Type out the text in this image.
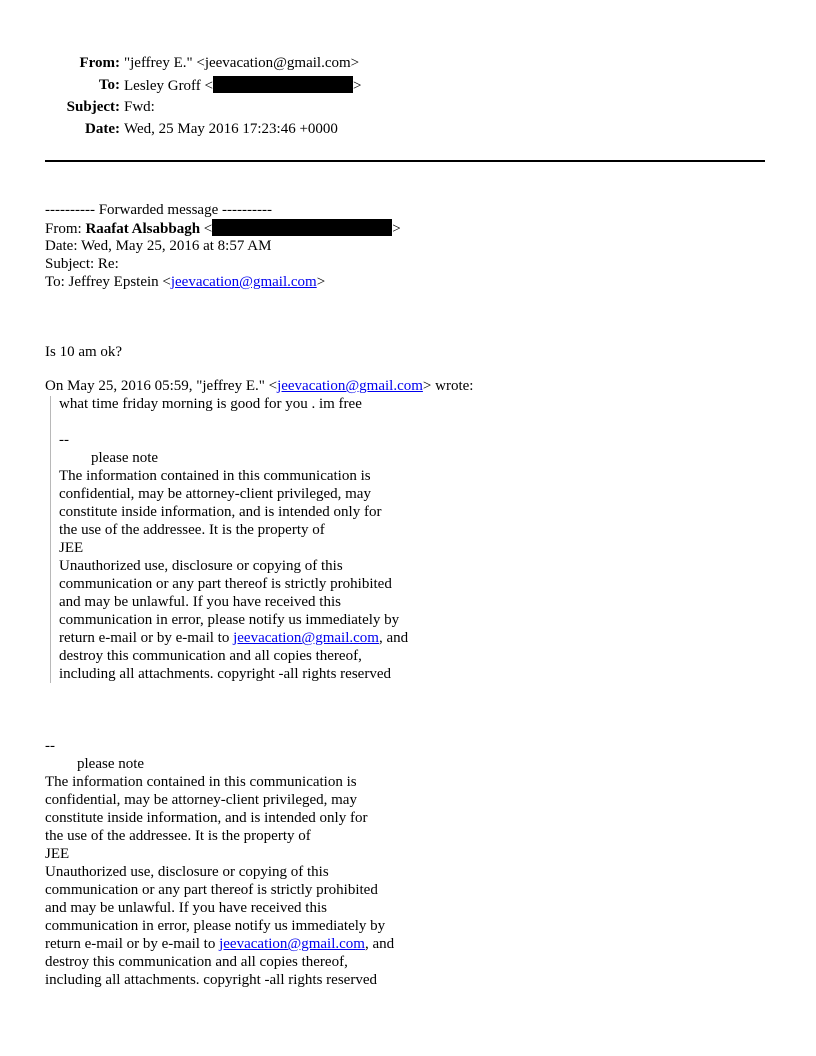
From: "jeffrey E." <jeevacation@gmail.com>
To: Lesley Groff <	>
Subject: Fwd:
Date: Wed, 25 May 2016 17:23:46 +0000
---------- Forwarded message ----------
From: Raafat Alsabbagh <	>
Date: Wed, May 25, 2016 at 8:57 AM
Subject: Re:
To: Jeffrey Epstein <jeevacation@gmail.com>
Is 10 am ok?
On May 25, 2016 05:59, "jeffrey E." <jeevacation@gmail.com> wrote:
what time friday morning is good for you . im free
--
please note
The information contained in this communication is
confidential, may be attorney-client privileged, may
constitute inside information, and is intended only for
the use of the addressee. It is the property of
JEE
Unauthorized use, disclosure or copying of this
communication or any part thereof is strictly prohibited
and may be unlawful. If you have received this
communication in error, please notify us immediately by
return e-mail or by e-mail to jeevacation@gmail.com, and
destroy this communication and all copies thereof,
including all attachments. copyright -all rights reserved
--
please note
The information contained in this communication is
confidential, may be attorney-client privileged, may
constitute inside information, and is intended only for
the use of the addressee. It is the property of
JEE
Unauthorized use, disclosure or copying of this
communication or any part thereof is strictly prohibited
and may be unlawful. If you have received this
communication in error, please notify us immediately by
return e-mail or by e-mail to jeevacation@gmail.com, and
destroy this communication and all copies thereof,
including all attachments. copyright -all rights reserved
